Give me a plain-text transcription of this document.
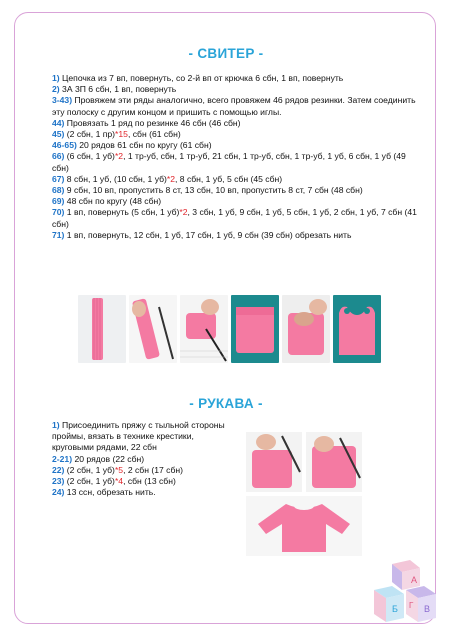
- СВИТЕР -
1) Цепочка из 7 вп, повернуть, со 2-й вп от крючка 6 сбн, 1 вп, повернуть
2) 3А 3П 6 сбн, 1 вп, повернуть
3-43) Провяжем эти ряды аналогично, всего провяжем 46 рядов резинки. Затем соединить эту полоску с другим концом и пришить с помощью иглы.
44) Провязать 1 ряд по резинке 46 сбн (46 сбн)
45) (2 сбн, 1 пр)*15, сбн (61 сбн)
46-65) 20 рядов 61 сбн по кругу (61 сбн)
66) (6 сбн, 1 уб)*2, 1 тр-уб, сбн, 1 тр-уб, 21 сбн, 1 тр-уб, сбн, 1 тр-уб, 1 уб, 6 сбн, 1 уб (49 сбн)
67) 8 сбн, 1 уб, (10 сбн, 1 уб)*2, 8 сбн, 1 уб, 5 сбн (45 сбн)
68) 9 сбн, 10 вп, пропустить 8 ст, 13 сбн, 10 вп, пропустить 8 ст, 7 сбн (48 сбн)
69) 48 сбн по кругу (48 сбн)
70) 1 вп, повернуть (5 сбн, 1 уб)*2, 3 сбн, 1 уб, 9 сбн, 1 уб, 5 сбн, 1 уб, 2 сбн, 1 уб, 7 сбн (41 сбн)
71) 1 вп, повернуть, 12 сбн, 1 уб, 17 сбн, 1 уб, 9 сбн (39 сбн) обрезать нить
- РУКАВА -
1) Присоединить пряжу с тыльной стороны проймы, вязать в технике крестики, круговыми рядами, 22 сбн
2-21) 20 рядов (22 сбн)
22) (2 сбн, 1 уб)*5, 2 сбн (17 сбн)
23) (2 сбн, 1 уб)*4, сбн (13 сбн)
24) 13 ссн, обрезать нить.
А
Б	В
Г
